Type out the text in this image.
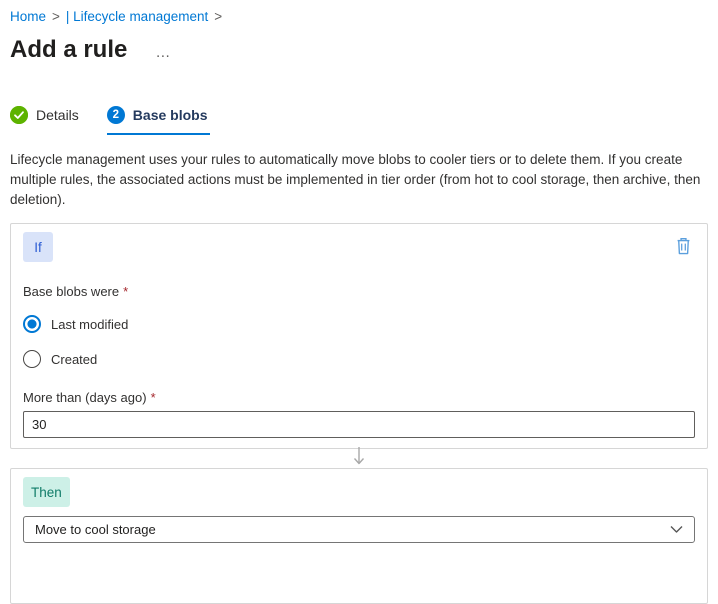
Home > | Lifecycle management >
Add a rule …
Details	2 Base blobs

Lifecycle management uses your rules to automatically move blobs to cooler tiers or to delete them. If you create multiple rules, the associated actions must be implemented in tier order (from hot to cool storage, then archive, then deletion).

If
Base blobs were *
Last modified
Created
More than (days ago) *
30
Then
Move to cool storage
